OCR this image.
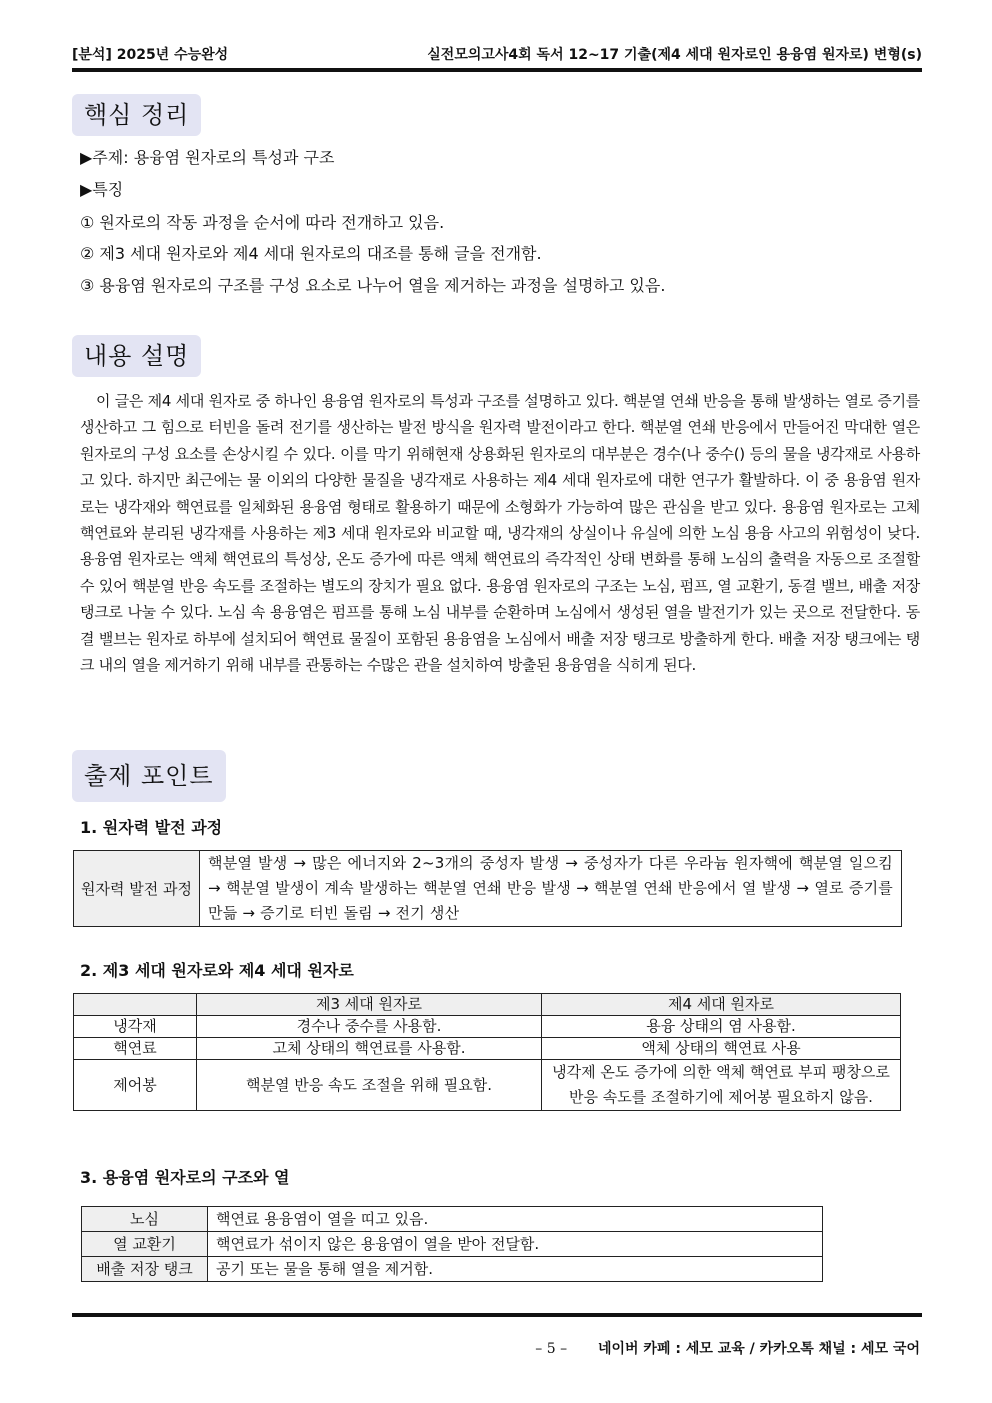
[분석] 2025년 수능완성	실전모의고사4회 독서 12~17 기출(제4 세대 원자로인 용융염 원자로) 변형(s)
핵심 정리
▶주제: 용융염 원자로의 특성과 구조
▶특징
① 원자로의 작동 과정을 순서에 따라 전개하고 있음.
② 제3 세대 원자로와 제4 세대 원자로의 대조를 통해 글을 전개함.
③ 용융염 원자로의 구조를 구성 요소로 나누어 열을 제거하는 과정을 설명하고 있음.
내용 설명
이 글은 제4 세대 원자로 중 하나인 용융염 원자로의 특성과 구조를 설명하고 있다. 핵분열 연쇄 반응을 통해 발생하는 열로 증기를 생산하고 그 힘으로 터빈을 돌려 전기를 생산하는 발전 방식을 원자력 발전이라고 한다. 핵분열 연쇄 반응에서 만들어진 막대한 열은 원자로의 구성 요소를 손상시킬 수 있다. 이를 막기 위해현재 상용화된 원자로의 대부분은 경수(나 중수() 등의 물을 냉각재로 사용하고 있다. 하지만 최근에는 물 이외의 다양한 물질을 냉각재로 사용하는 제4 세대 원자로에 대한 연구가 활발하다. 이 중 용융염 원자로는 냉각재와 핵연료를 일체화된 용융염 형태로 활용하기 때문에 소형화가 가능하여 많은 관심을 받고 있다. 용융염 원자로는 고체 핵연료와 분리된 냉각재를 사용하는 제3 세대 원자로와 비교할 때, 냉각재의 상실이나 유실에 의한 노심 용융 사고의 위험성이 낮다. 용융염 원자로는 액체 핵연료의 특성상, 온도 증가에 따른 액체 핵연료의 즉각적인 상태 변화를 통해 노심의 출력을 자동으로 조절할 수 있어 핵분열 반응 속도를 조절하는 별도의 장치가 필요 없다. 용융염 원자로의 구조는 노심, 펌프, 열 교환기, 동결 밸브, 배출 저장 탱크로 나눌 수 있다. 노심 속 용융염은 펌프를 통해 노심 내부를 순환하며 노심에서 생성된 열을 발전기가 있는 곳으로 전달한다. 동결 밸브는 원자로 하부에 설치되어 핵연료 물질이 포함된 용융염을 노심에서 배출 저장 탱크로 방출하게 한다. 배출 저장 탱크에는 탱크 내의 열을 제거하기 위해 내부를 관통하는 수많은 관을 설치하여 방출된 용융염을 식히게 된다.
출제 포인트
1. 원자력 발전 과정
원자력 발전 과정	핵분열 발생 → 많은 에너지와 2~3개의 중성자 발생 → 중성자가 다른 우라늄 원자핵에 핵분열 일으킴 → 핵분열 발생이 계속 발생하는 핵분열 연쇄 반응 발생 → 핵분열 연쇄 반응에서 열 발생 → 열로 증기를 만듦 → 증기로 터빈 돌림 → 전기 생산
2. 제3 세대 원자로와 제4 세대 원자로
	제3 세대 원자로	제4 세대 원자로
냉각재	경수나 중수를 사용함.	용융 상태의 염 사용함.
핵연료	고체 상태의 핵연료를 사용함.	액체 상태의 핵연료 사용
제어봉	핵분열 반응 속도 조절을 위해 필요함.	냉각제 온도 증가에 의한 액체 핵연료 부피 팽창으로 반응 속도를 조절하기에 제어봉 필요하지 않음.
3. 용융염 원자로의 구조와 열
노심	핵연료 용융염이 열을 띠고 있음.
열 교환기	핵연료가 섞이지 않은 용융염이 열을 받아 전달함.
배출 저장 탱크	공기 또는 물을 통해 열을 제거함.
– 5 – 네이버 카페 : 세모 교육 / 카카오톡 채널 : 세모 국어
